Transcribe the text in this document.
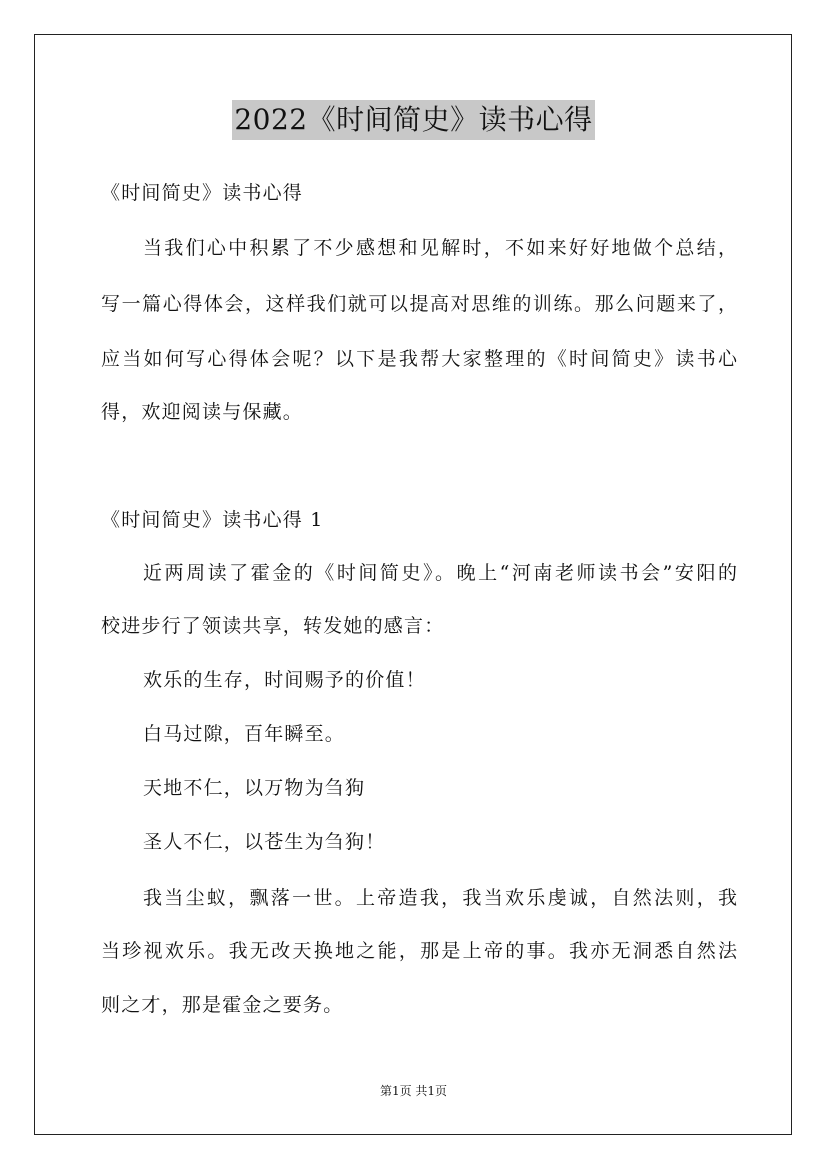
2022《时间简史》读书心得
《时间简史》读书心得
当我们心中积累了不少感想和见解时，不如来好好地做个总结，
写一篇心得体会，这样我们就可以提高对思维的训练。那么问题来了，
应当如何写心得体会呢？以下是我帮大家整理的《时间简史》读书心
得，欢迎阅读与保藏。
《时间简史》读书心得 1
近两周读了霍金的《时间简史》。晚上“河南老师读书会”安阳的
校进步行了领读共享，转发她的感言：
欢乐的生存，时间赐予的价值！
白马过隙，百年瞬至。
天地不仁，以万物为刍狗
圣人不仁，以苍生为刍狗！
我当尘蚁，飘落一世。上帝造我，我当欢乐虔诚，自然法则，我
当珍视欢乐。我无改天换地之能，那是上帝的事。我亦无洞悉自然法
则之才，那是霍金之要务。
第1页 共1页
